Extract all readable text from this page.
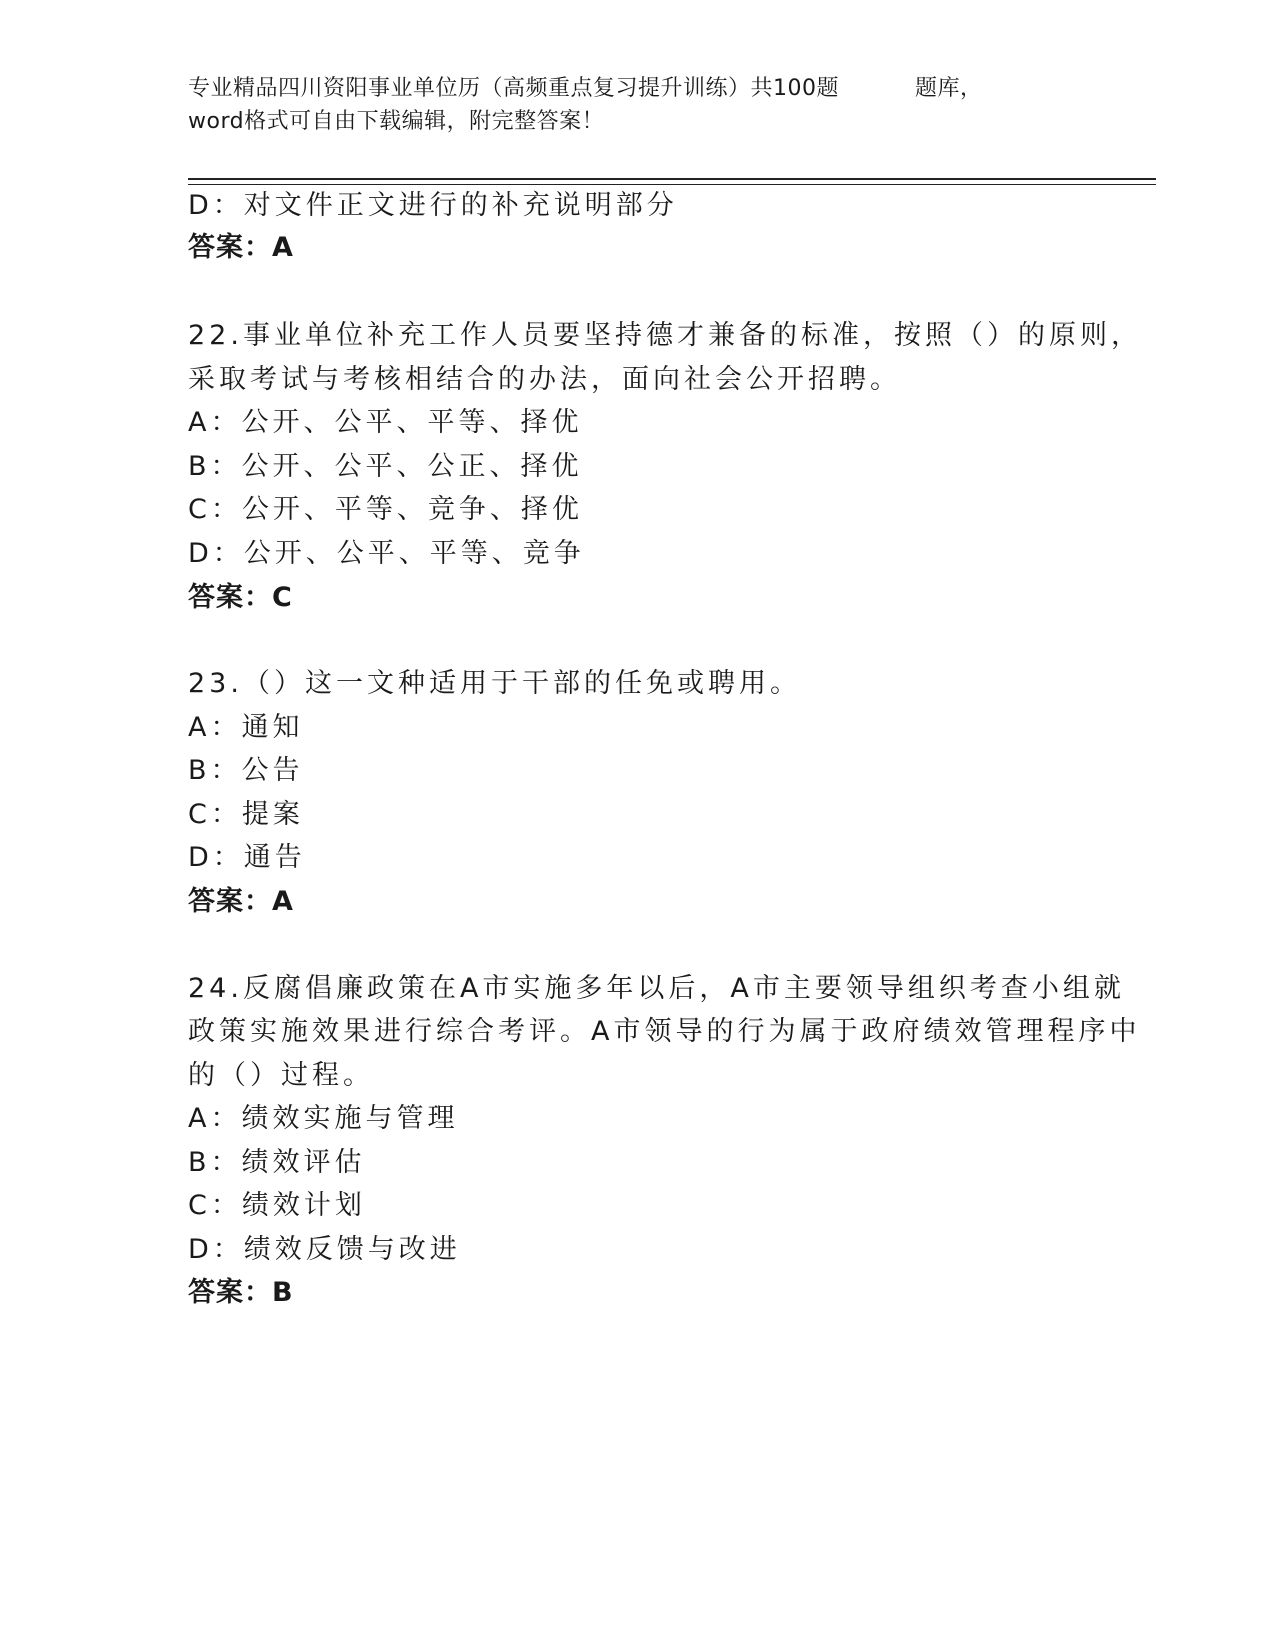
专业精品四川资阳事业单位历（高频重点复习提升训练）共100题	题库，
word格式可自由下载编辑，附完整答案！
D：对文件正文进行的补充说明部分
答案：A
22.事业单位补充工作人员要坚持德才兼备的标准，按照（）的原则，
采取考试与考核相结合的办法，面向社会公开招聘。
A：公开、公平、平等、择优
B：公开、公平、公正、择优
C：公开、平等、竞争、择优
D：公开、公平、平等、竞争
答案：C
23.（）这一文种适用于干部的任免或聘用。
A：通知
B：公告
C：提案
D：通告
答案：A
24.反腐倡廉政策在A市实施多年以后，A市主要领导组织考查小组就
政策实施效果进行综合考评。A市领导的行为属于政府绩效管理程序中
的（）过程。
A：绩效实施与管理
B：绩效评估
C：绩效计划
D：绩效反馈与改进
答案：B
